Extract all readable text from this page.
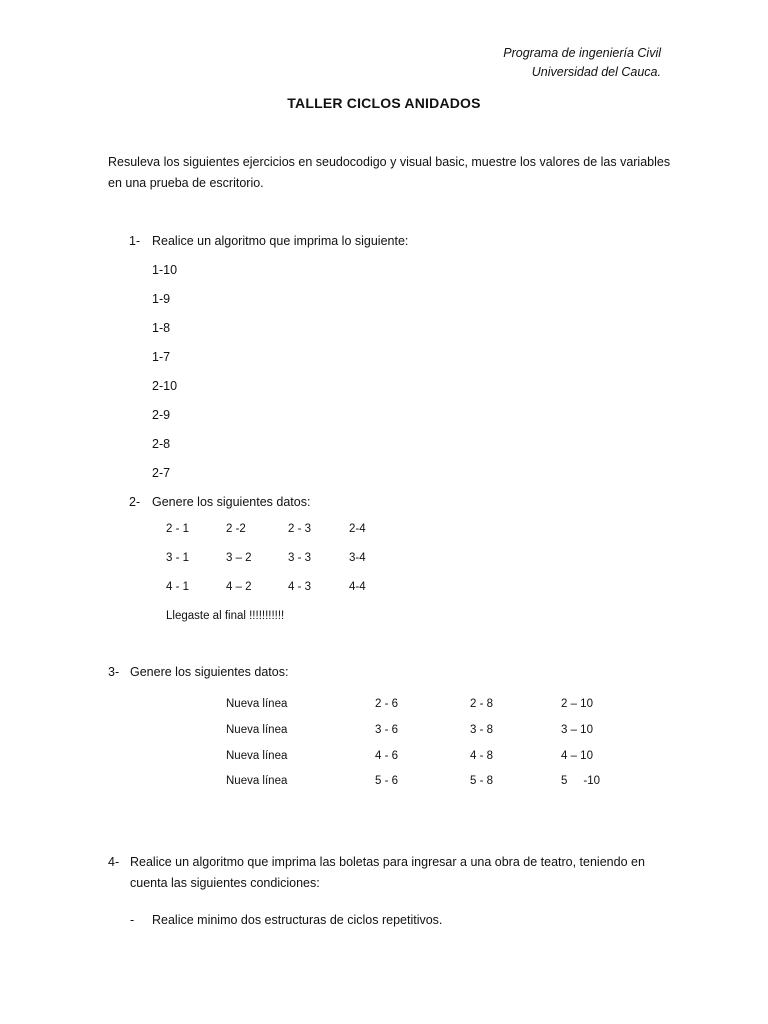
Programa de ingeniería Civil
Universidad del Cauca.
TALLER CICLOS ANIDADOS
Resuleva los siguientes ejercicios en seudocodigo y visual basic, muestre los valores de las variables
en una prueba de escritorio.
1- Realice un algoritmo que imprima lo siguiente:
1-10
1-9
1-8
1-7
2-10
2-9
2-8
2-7
2- Genere los siguientes datos:
2 - 1	2 -2	2 - 3	2-4
3 - 1	3 – 2	3 - 3	3-4
4 - 1	4 – 2	4 - 3	4-4
Llegaste al final !!!!!!!!!!!
3- Genere los siguientes datos:
Nueva línea	2 - 6	2 - 8	2 – 10
Nueva línea	3 - 6	3 - 8	3 – 10
Nueva línea	4 - 6	4 - 8	4 – 10
Nueva línea	5 - 6	5 - 8	5     -10
4- Realice un algoritmo que imprima las boletas para ingresar a una obra de teatro, teniendo en
cuenta las siguientes condiciones:
- Realice minimo dos estructuras de ciclos repetitivos.
